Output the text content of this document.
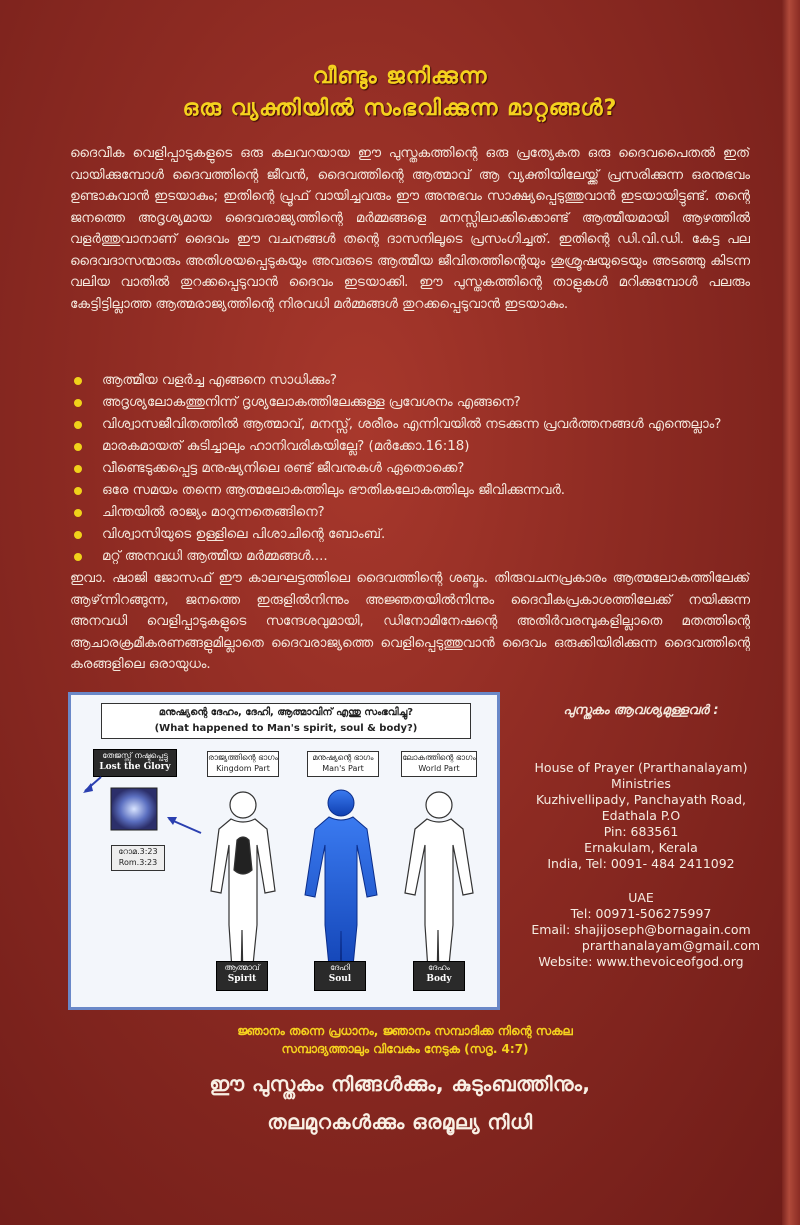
വീണ്ടും ജനിക്കുന്ന
ഒരു വ്യക്തിയിൽ സംഭവിക്കുന്ന മാറ്റങ്ങൾ?
ദൈവീക വെളിപ്പാടുകളുടെ ഒരു കലവറയായ ഈ പുസ്തകത്തിന്റെ ഒരു പ്രത്യേകത ഒരു ദൈവപൈതൽ ഇത് വായിക്കുമ്പോൾ ദൈവത്തിന്റെ ജീവൻ, ദൈവത്തിന്റെ ആത്മാവ് ആ വ്യക്തിയിലേയ്ക്ക് പ്രസരിക്കുന്ന ഒരനുഭവം ഉണ്ടാകുവാൻ ഇടയാകും; ഇതിന്റെ പ്രൂഫ് വായിച്ചവരും ഈ അനുഭവം സാക്ഷ്യപ്പെടുത്തുവാൻ ഇടയായിട്ടുണ്ട്. തന്റെ ജനത്തെ അദൃശ്യമായ ദൈവരാജ്യത്തിന്റെ മർമ്മങ്ങളെ മനസ്സിലാക്കിക്കൊണ്ട് ആത്മീയമായി ആഴത്തിൽ വളർത്തുവാനാണ് ദൈവം ഈ വചനങ്ങൾ തന്റെ ദാസനിലൂടെ പ്രസംഗിച്ചത്. ഇതിന്റെ ഡി.വി.ഡി. കേട്ട പല ദൈവദാസന്മാരും അതിശയപ്പെടുകയും അവരുടെ ആത്മീയ ജീവിതത്തിന്റെയും ശുശ്രൂഷയുടെയും അടഞ്ഞു കിടന്ന വലിയ വാതിൽ തുറക്കപ്പെടുവാൻ ദൈവം ഇടയാക്കി. ഈ പുസ്തകത്തിന്റെ താളുകൾ മറിക്കുമ്പോൾ പലരും കേട്ടിട്ടില്ലാത്ത ആത്മരാജ്യത്തിന്റെ നിരവധി മർമ്മങ്ങൾ തുറക്കപ്പെടുവാൻ ഇടയാകും.
ആത്മീയ വളർച്ച എങ്ങനെ സാധിക്കും?
അദൃശ്യലോകത്തുനിന്ന് ദൃശ്യലോകത്തിലേക്കുള്ള പ്രവേശനം എങ്ങനെ?
വിശ്വാസജീവിതത്തിൽ ആത്മാവ്, മനസ്സ്, ശരീരം എന്നിവയിൽ നടക്കുന്ന പ്രവർത്തനങ്ങൾ എന്തെല്ലാം?
മാരകമായത് കുടിച്ചാലും ഹാനിവരികയില്ലേ? (മർക്കോ.16:18)
വീണ്ടെടുക്കപ്പെട്ട മനുഷ്യനിലെ രണ്ട് ജീവനുകൾ ഏതൊക്കെ?
ഒരേ സമയം തന്നെ ആത്മലോകത്തിലും ഭൗതികലോകത്തിലും ജീവിക്കുന്നവർ.
ചിന്തയിൽ രാജ്യം മാറുന്നതെങ്ങിനെ?
വിശ്വാസിയുടെ ഉള്ളിലെ പിശാചിന്റെ ബോംബ്.
മറ്റ് അനവധി ആത്മീയ മർമ്മങ്ങൾ....
ഇവാ. ഷാജി ജോസഫ് ഈ കാലഘട്ടത്തിലെ ദൈവത്തിന്റെ ശബ്ദം. തിരുവചനപ്രകാരം ആത്മലോകത്തിലേക്ക് ആഴ്‌ന്നിറങ്ങുന്ന, ജനത്തെ ഇരുളിൽനിന്നും അജ്ഞതയിൽനിന്നും ദൈവീകപ്രകാശത്തിലേക്ക് നയിക്കുന്ന അനവധി വെളിപ്പാടുകളുടെ സന്ദേശവുമായി, ഡിനോമിനേഷന്റെ അതിർവരമ്പുകളില്ലാതെ മതത്തിന്റെ ആചാരക്രമീകരണങ്ങളുമില്ലാതെ ദൈവരാജ്യത്തെ വെളിപ്പെടുത്തുവാൻ ദൈവം ഒരുക്കിയിരിക്കുന്ന ദൈവത്തിന്റെ കരങ്ങളിലെ ഒരായുധം.
മനുഷ്യന്റെ ദേഹം, ദേഹി, ആത്മാവിന് എന്തു സംഭവിച്ചു?
(What happened to Man's spirit, soul & body?)
തേജസ്സ് നഷ്ടപ്പെട്ടു
Lost the Glory
രാജ്യത്തിന്റെ ഭാഗം
Kingdom Part
മനുഷ്യന്റെ ഭാഗം
Man's Part
ലോകത്തിന്റെ ഭാഗം
World Part
റോമ.3:23
Rom.3:23
ആത്മാവ്
Spirit
ദേഹി
Soul
ദേഹം
Body
പുസ്തകം ആവശ്യമുള്ളവർ :
House of Prayer (Prarthanalayam)
Ministries
Kuzhivellipady, Panchayath Road,
Edathala P.O
Pin: 683561
Ernakulam, Kerala
India, Tel: 0091- 484 2411092
UAE
Tel: 00971-506275997
Email: shajijoseph@bornagain.com
prarthanalayam@gmail.com
Website: www.thevoiceofgod.org
ജ്ഞാനം തന്നെ പ്രധാനം, ജ്ഞാനം സമ്പാദിക്ക നിന്റെ സകല
സമ്പാദ്യത്താലും വിവേകം നേടുക (സദൃ. 4:7)
ഈ പുസ്തകം നിങ്ങൾക്കും, കുടുംബത്തിനും,
തലമുറകൾക്കും ഒരമൂല്യ നിധി
